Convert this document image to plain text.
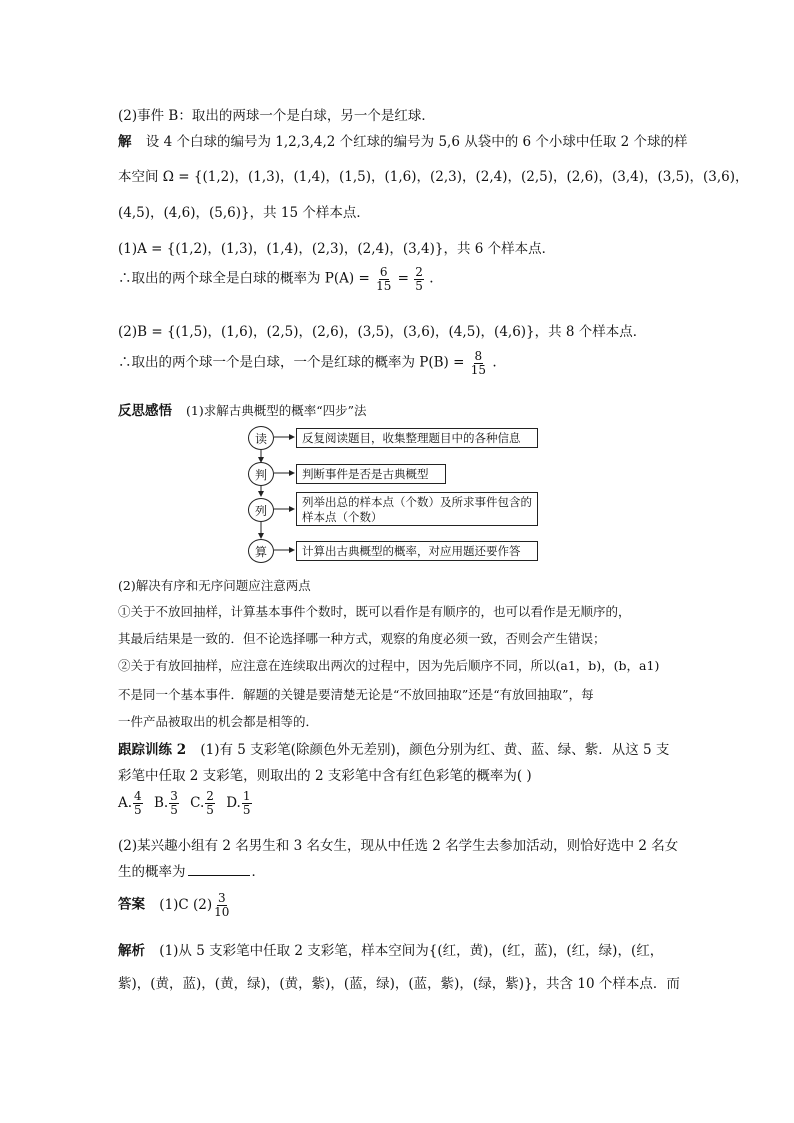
(2)事件 B：取出的两球一个是白球，另一个是红球．
解 设 4 个白球的编号为 1,2,3,4,2 个红球的编号为 5,6 从袋中的 6 个小球中任取 2 个球的样
本空间 Ω = {(1,2)，(1,3)，(1,4)，(1,5)，(1,6)，(2,3)，(2,4)，(2,5)，(2,6)，(3,4)，(3,5)，(3,6)，
(4,5)，(4,6)，(5,6)}，共 15 个样本点．
(1)A = {(1,2)，(1,3)，(1,4)，(2,3)，(2,4)，(3,4)}，共 6 个样本点．
∴取出的两个球全是白球的概率为 $P(A) = \frac{6}{15} = \frac{2}{5}$ .
(2)B = {(1,5)，(1,6)，(2,5)，(2,6)，(3,5)，(3,6)，(4,5)，(4,6)}，共 8 个样本点．
∴取出的两个球一个是白球，一个是红球的概率为 $P(B) = \frac{8}{15}$ .
反思感悟 (1)求解古典概型的概率“四步”法
读
判
列
算
反复阅读题目，收集整理题目中的各种信息
判断事件是否是古典概型
列举出总的样本点（个数）及所求事件包含的样本点（个数）
计算出古典概型的概率，对应用题还要作答
(2)解决有序和无序问题应注意两点
①关于不放回抽样，计算基本事件个数时，既可以看作是有顺序的，也可以看作是无顺序的，
其最后结果是一致的．但不论选择哪一种方式，观察的角度必须一致，否则会产生错误；
②关于有放回抽样，应注意在连续取出两次的过程中，因为先后顺序不同，所以(a1，b)，(b，a1)
不是同一个基本事件．解题的关键是要清楚无论是“不放回抽取”还是“有放回抽取”，每
一件产品被取出的机会都是相等的．
跟踪训练 2 (1)有 5 支彩笔(除颜色外无差别)，颜色分别为红、黄、蓝、绿、紫．从这 5 支
彩笔中任取 2 支彩笔，则取出的 2 支彩笔中含有红色彩笔的概率为( )
A. $\frac{4}{5} B$. $\frac{3}{5} C$. $\frac{2}{5} D$. $\frac{1}{5}$
(2)某兴趣小组有 2 名男生和 3 名女生，现从中任选 2 名学生去参加活动，则恰好选中 2 名女
生的概率为	．
答案 (1)C $(2) \frac{3}{10}$
解析 (1)从 5 支彩笔中任取 2 支彩笔，样本空间为{(红，黄)，(红，蓝)，(红，绿)，(红，
紫)，(黄，蓝)，(黄，绿)，(黄，紫)，(蓝，绿)，(蓝，紫)，(绿，紫)}，共含 10 个样本点．而
